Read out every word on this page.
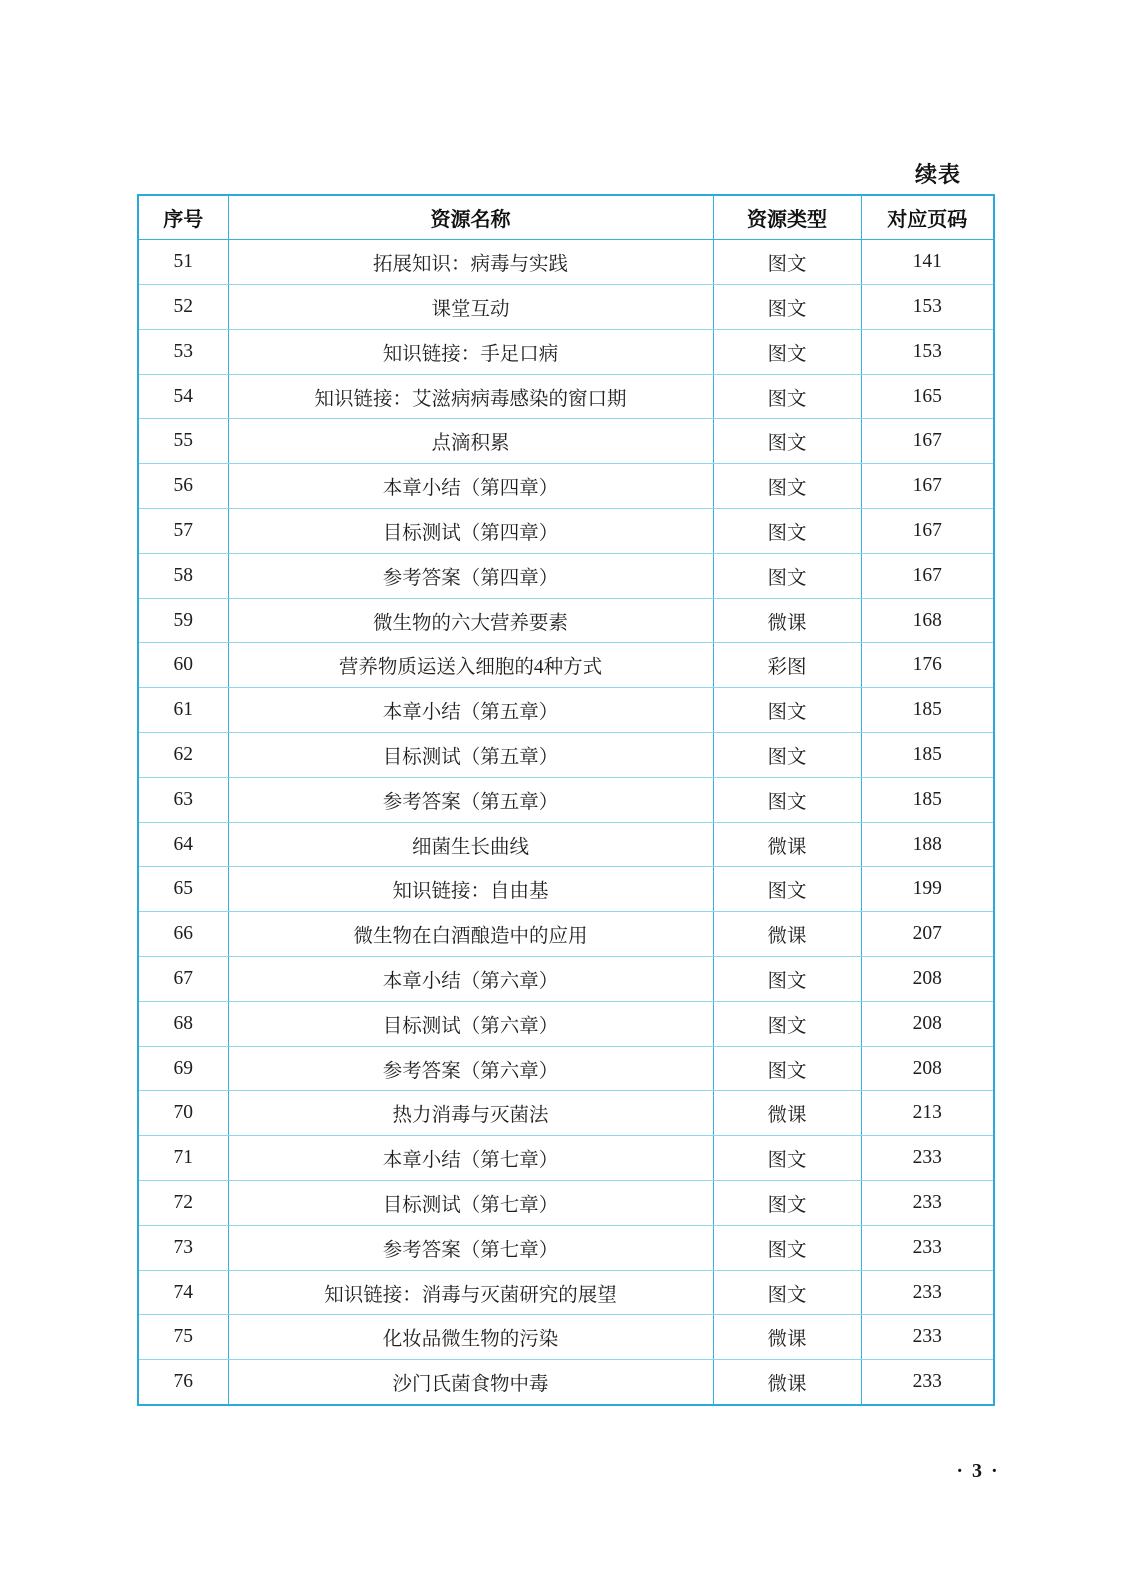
续表
序号	资源名称	资源类型	对应页码
51	拓展知识：病毒与实践	图文	141
52	课堂互动	图文	153
53	知识链接：手足口病	图文	153
54	知识链接：艾滋病病毒感染的窗口期	图文	165
55	点滴积累	图文	167
56	本章小结（第四章）	图文	167
57	目标测试（第四章）	图文	167
58	参考答案（第四章）	图文	167
59	微生物的六大营养要素	微课	168
60	营养物质运送入细胞的4种方式	彩图	176
61	本章小结（第五章）	图文	185
62	目标测试（第五章）	图文	185
63	参考答案（第五章）	图文	185
64	细菌生长曲线	微课	188
65	知识链接：自由基	图文	199
66	微生物在白酒酿造中的应用	微课	207
67	本章小结（第六章）	图文	208
68	目标测试（第六章）	图文	208
69	参考答案（第六章）	图文	208
70	热力消毒与灭菌法	微课	213
71	本章小结（第七章）	图文	233
72	目标测试（第七章）	图文	233
73	参考答案（第七章）	图文	233
74	知识链接：消毒与灭菌研究的展望	图文	233
75	化妆品微生物的污染	微课	233
76	沙门氏菌食物中毒	微课	233
· 3 ·
